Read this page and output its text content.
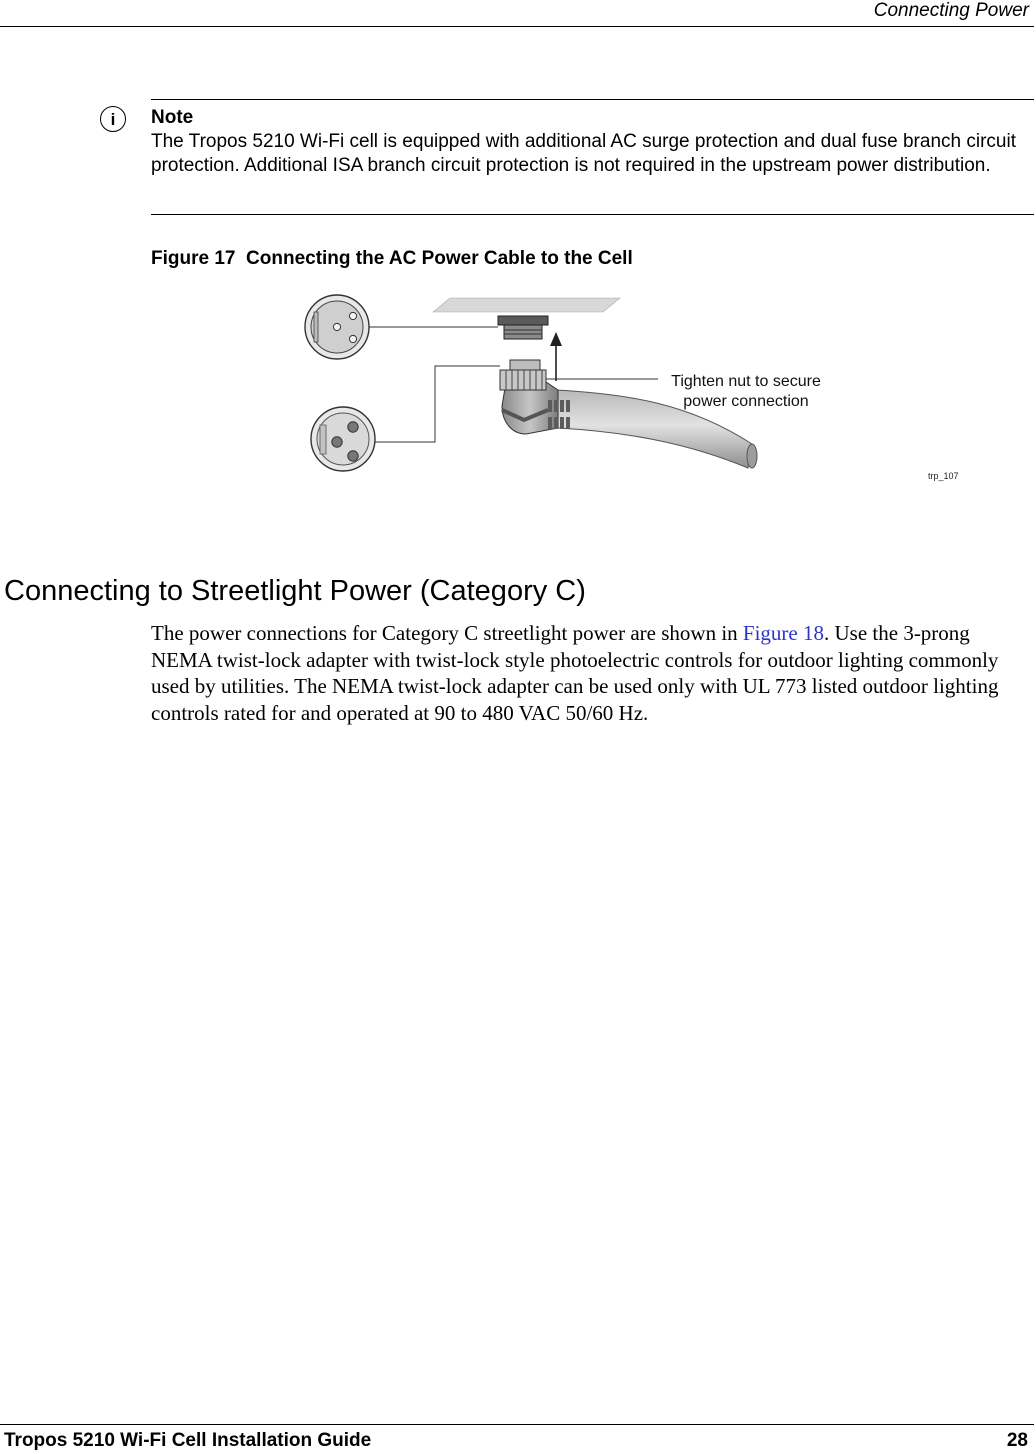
Connecting Power
i	Note
The Tropos 5210 Wi-Fi cell is equipped with additional AC surge protection and dual fuse branch circuit protection. Additional ISA branch circuit protection is not required in the upstream power distribution.
Figure 17  Connecting the AC Power Cable to the Cell
Tighten nut to secure
power connection
trp_107
Connecting to Streetlight Power (Category C)
The power connections for Category C streetlight power are shown in Figure 18. Use the 3-prong NEMA twist-lock adapter with twist-lock style photoelectric controls for outdoor lighting commonly used by utilities. The NEMA twist-lock adapter can be used only with UL 773 listed outdoor lighting controls rated for and operated at 90 to 480 VAC 50/60 Hz.
Tropos 5210 Wi-Fi Cell Installation Guide	28
